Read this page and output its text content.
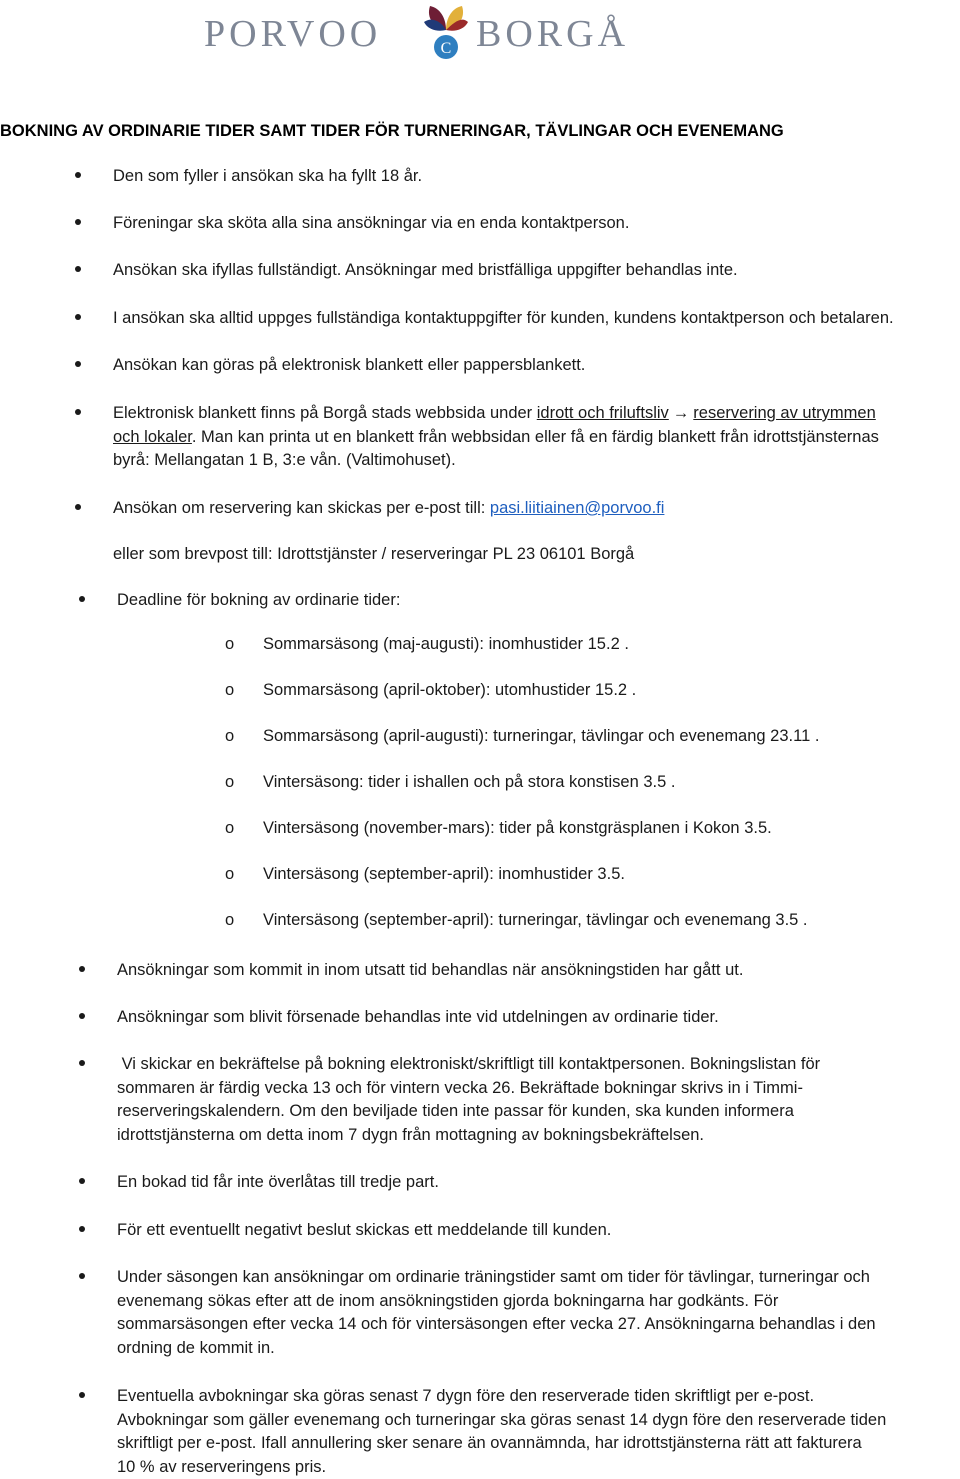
PORVOO	C BORGÅ
BOKNING AV ORDINARIE TIDER SAMT TIDER FÖR TURNERINGAR, TÄVLINGAR OCH EVENEMANG
Den som fyller i ansökan ska ha fyllt 18 år.
Föreningar ska sköta alla sina ansökningar via en enda kontaktperson.
Ansökan ska ifyllas fullständigt. Ansökningar med bristfälliga uppgifter behandlas inte.
I ansökan ska alltid uppges fullständiga kontaktuppgifter för kunden, kundens kontaktperson och betalaren.
Ansökan kan göras på elektronisk blankett eller pappersblankett.
Elektronisk blankett finns på Borgå stads webbsida under idrott och friluftsliv → reservering av utrymmen
och lokaler. Man kan printa ut en blankett från webbsidan eller få en färdig blankett från idrottstjänsternas
byrå: Mellangatan 1 B, 3:e vån. (Valtimohuset).
Ansökan om reservering kan skickas per e-post till: pasi.liitiainen@porvoo.fi
eller som brevpost till: Idrottstjänster / reserveringar PL 23 06101 Borgå
Deadline för bokning av ordinarie tider:
o Sommarsäsong (maj-augusti): inomhustider 15.2 .
o Sommarsäsong (april-oktober): utomhustider 15.2 .
o Sommarsäsong (april-augusti): turneringar, tävlingar och evenemang 23.11 .
o Vintersäsong: tider i ishallen och på stora konstisen 3.5 .
o Vintersäsong (november-mars): tider på konstgräsplanen i Kokon 3.5.
o Vintersäsong (september-april): inomhustider 3.5.
o Vintersäsong (september-april): turneringar, tävlingar och evenemang 3.5 .
Ansökningar som kommit in inom utsatt tid behandlas när ansökningstiden har gått ut.
Ansökningar som blivit försenade behandlas inte vid utdelningen av ordinarie tider.
Vi skickar en bekräftelse på bokning elektroniskt/skriftligt till kontaktpersonen. Bokningslistan för
sommaren är färdig vecka 13 och för vintern vecka 26. Bekräftade bokningar skrivs in i Timmi-
reserveringskalendern. Om den beviljade tiden inte passar för kunden, ska kunden informera
idrottstjänsterna om detta inom 7 dygn från mottagning av bokningsbekräftelsen.
En bokad tid får inte överlåtas till tredje part.
För ett eventuellt negativt beslut skickas ett meddelande till kunden.
Under säsongen kan ansökningar om ordinarie träningstider samt om tider för tävlingar, turneringar och
evenemang sökas efter att de inom ansökningstiden gjorda bokningarna har godkänts. För
sommarsäsongen efter vecka 14 och för vintersäsongen efter vecka 27. Ansökningarna behandlas i den
ordning de kommit in.
Eventuella avbokningar ska göras senast 7 dygn före den reserverade tiden skriftligt per e-post.
Avbokningar som gäller evenemang och turneringar ska göras senast 14 dygn före den reserverade tiden
skriftligt per e-post. Ifall annullering sker senare än ovannämnda, har idrottstjänsterna rätt att fakturera
10 % av reserveringens pris.
